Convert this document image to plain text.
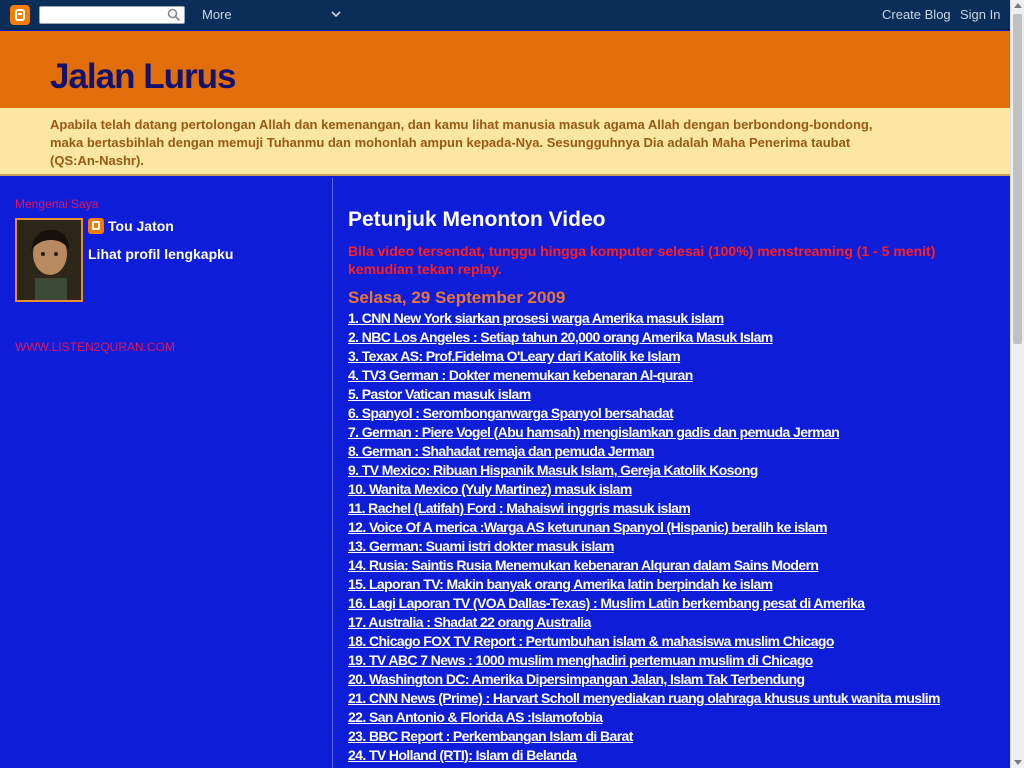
More	Create Blog Sign In
Jalan Lurus
Apabila telah datang pertolongan Allah dan kemenangan, dan kamu lihat manusia masuk agama Allah dengan berbondong-bondong, maka bertasbihlah dengan memuji Tuhanmu dan mohonlah ampun kepada-Nya. Sesungguhnya Dia adalah Maha Penerima taubat (QS:An-Nashr).
Mengenai Saya
Tou Jaton
Lihat profil lengkapku
WWW.LISTEN2QURAN.COM
Petunjuk Menonton Video
Bila video tersendat, tunggu hingga komputer selesai (100%) menstreaming (1 - 5 menit) kemudian tekan replay.
Selasa, 29 September 2009
1. CNN New York siarkan prosesi warga Amerika masuk islam
2. NBC Los Angeles : Setiap tahun 20,000 orang Amerika Masuk Islam
3. Texax AS: Prof.Fidelma O'Leary dari Katolik ke Islam
4. TV3 German : Dokter menemukan kebenaran Al-quran
5. Pastor Vatican masuk islam
6. Spanyol : Serombonganwarga Spanyol bersahadat
7. German : Piere Vogel (Abu hamsah) mengislamkan gadis dan pemuda Jerman
8. German : Shahadat remaja dan pemuda Jerman
9. TV Mexico: Ribuan Hispanik Masuk Islam, Gereja Katolik Kosong
10. Wanita Mexico (Yuly Martinez) masuk islam
11. Rachel (Latifah) Ford : Mahaiswi inggris masuk islam
12. Voice Of A merica :Warga AS keturunan Spanyol (Hispanic) beralih ke islam
13. German: Suami istri dokter masuk islam
14. Rusia: Saintis Rusia Menemukan kebenaran Alquran dalam Sains Modern
15. Laporan TV: Makin banyak orang Amerika latin berpindah ke islam
16. Lagi Laporan TV (VOA Dallas-Texas) : Muslim Latin berkembang pesat di Amerika
17. Australia : Shadat 22 orang Australia
18. Chicago FOX TV Report : Pertumbuhan islam & mahasiswa muslim Chicago
19. TV ABC 7 News : 1000 muslim menghadiri pertemuan muslim di Chicago
20. Washington DC: Amerika Dipersimpangan Jalan, Islam Tak Terbendung
21. CNN News (Prime) : Harvart Scholl menyediakan ruang olahraga khusus untuk wanita muslim
22. San Antonio & Florida AS :Islamofobia
23. BBC Report : Perkembangan Islam di Barat
24. TV Holland (RTI): Islam di Belanda
